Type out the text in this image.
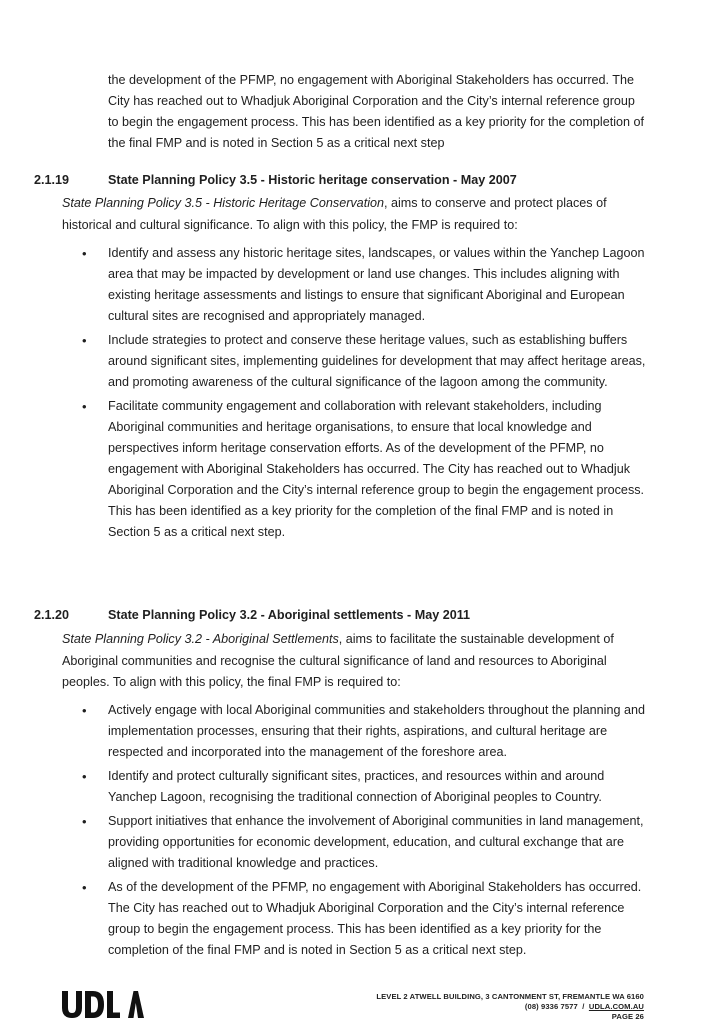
the development of the PFMP, no engagement with Aboriginal Stakeholders has occurred. The City has reached out to Whadjuk Aboriginal Corporation and the City’s internal reference group to begin the engagement process. This has been identified as a key priority for the completion of the final FMP and is noted in Section 5 as a critical next step

2.1.19	State Planning Policy 3.5 - Historic heritage conservation - May 2007

State Planning Policy 3.5 - Historic Heritage Conservation, aims to conserve and protect places of historical and cultural significance. To align with this policy, the FMP is required to:

• Identify and assess any historic heritage sites, landscapes, or values within the Yanchep Lagoon area that may be impacted by development or land use changes. This includes aligning with existing heritage assessments and listings to ensure that significant Aboriginal and European cultural sites are recognised and appropriately managed.
• Include strategies to protect and conserve these heritage values, such as establishing buffers around significant sites, implementing guidelines for development that may affect heritage areas, and promoting awareness of the cultural significance of the lagoon among the community.
• Facilitate community engagement and collaboration with relevant stakeholders, including Aboriginal communities and heritage organisations, to ensure that local knowledge and perspectives inform heritage conservation efforts. As of the development of the PFMP, no engagement with Aboriginal Stakeholders has occurred. The City has reached out to Whadjuk Aboriginal Corporation and the City’s internal reference group to begin the engagement process. This has been identified as a key priority for the completion of the final FMP and is noted in Section 5 as a critical next step.
2.1.20	State Planning Policy 3.2 - Aboriginal settlements - May 2011

State Planning Policy 3.2 - Aboriginal Settlements, aims to facilitate the sustainable development of Aboriginal communities and recognise the cultural significance of land and resources to Aboriginal peoples. To align with this policy, the final FMP is required to:

• Actively engage with local Aboriginal communities and stakeholders throughout the planning and implementation processes, ensuring that their rights, aspirations, and cultural heritage are respected and incorporated into the management of the foreshore area.
• Identify and protect culturally significant sites, practices, and resources within and around Yanchep Lagoon, recognising the traditional connection of Aboriginal peoples to Country.
• Support initiatives that enhance the involvement of Aboriginal communities in land management, providing opportunities for economic development, education, and cultural exchange that are aligned with traditional knowledge and practices.
• As of the development of the PFMP, no engagement with Aboriginal Stakeholders has occurred. The City has reached out to Whadjuk Aboriginal Corporation and the City’s internal reference group to begin the engagement process. This has been identified as a key priority for the completion of the final FMP and is noted in Section 5 as a critical next step.
LEVEL 2 ATWELL BUILDING, 3 CANTONMENT ST, FREMANTLE WA 6160
(08) 9336 7577 / UDLA.COM.AU
PAGE 26
